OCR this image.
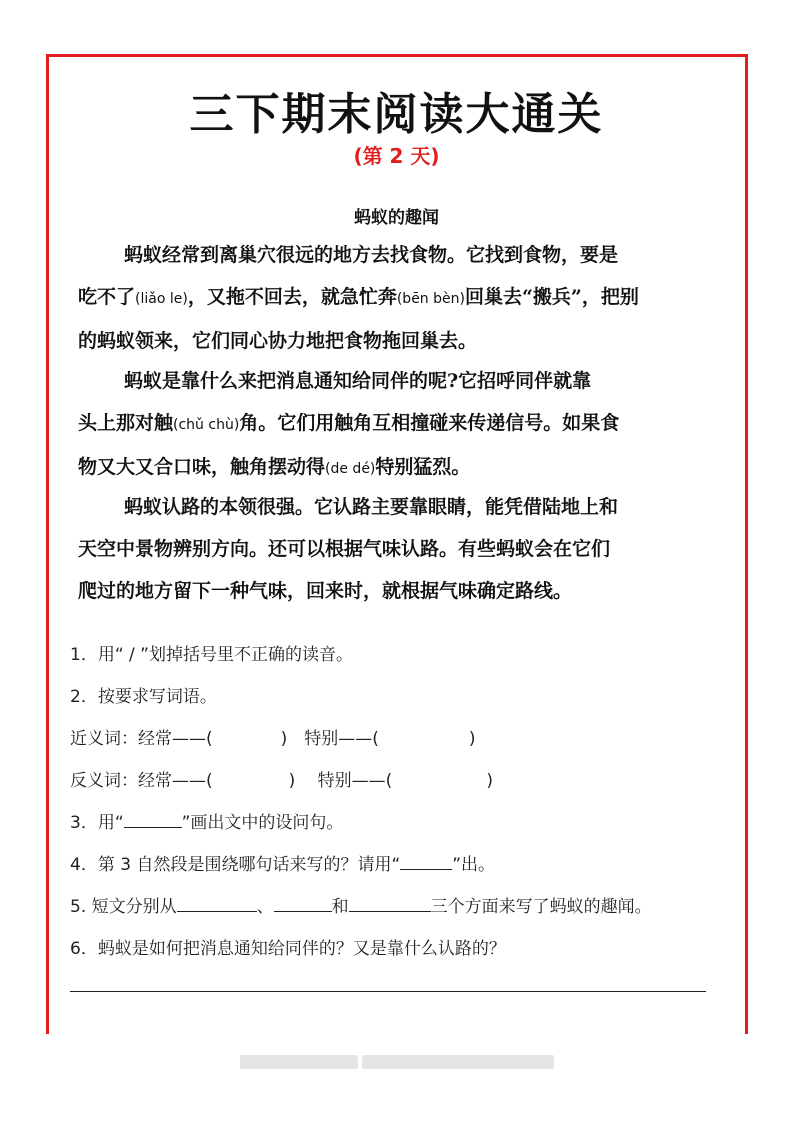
三下期末阅读大通关
(第 2 天)
蚂蚁的趣闻
蚂蚁经常到离巢穴很远的地方去找食物。它找到食物，要是
吃不了(liǎo le)，又拖不回去，就急忙奔(bēn bèn)回巢去“搬兵”，把别
的蚂蚁领来，它们同心协力地把食物拖回巢去。
蚂蚁是靠什么来把消息通知给同伴的呢?它招呼同伴就靠
头上那对触(chǔ chù)角。它们用触角互相撞碰来传递信号。如果食
物又大又合口味，触角摆动得(de dé)特别猛烈。
蚂蚁认路的本领很强。它认路主要靠眼睛，能凭借陆地上和
天空中景物辨别方向。还可以根据气味认路。有些蚂蚁会在它们
爬过的地方留下一种气味，回来时，就根据气味确定路线。
1．用“ / ”划掉括号里不正确的读音。
2．按要求写词语。
近义词：经常——(	)　特别——(	)
反义词：经常——(	)　 特别——(	)
3．用“	”画出文中的设问句。
4．第 3 自然段是围绕哪句话来写的？请用“	”出。
5. 短文分别从	、	和	三个方面来写了蚂蚁的趣闻。
6．蚂蚁是如何把消息通知给同伴的？又是靠什么认路的？
